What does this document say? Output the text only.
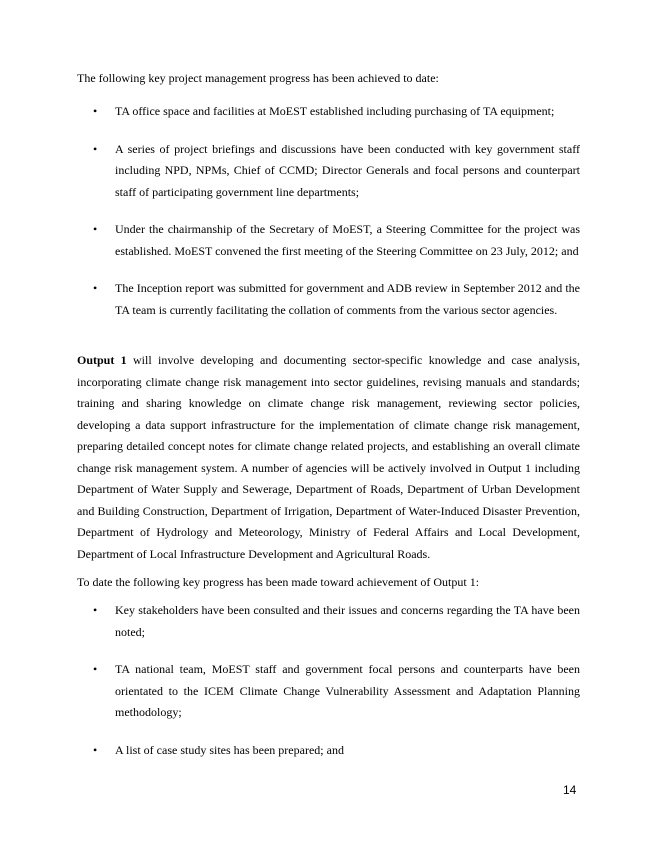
The following key project management progress has been achieved to date:

• TA office space and facilities at MoEST established including purchasing of TA equipment;
• A series of project briefings and discussions have been conducted with key government staff including NPD, NPMs, Chief of CCMD; Director Generals and focal persons and counterpart staff of participating government line departments;
• Under the chairmanship of the Secretary of MoEST, a Steering Committee for the project was established. MoEST convened the first meeting of the Steering Committee on 23 July, 2012; and
• The Inception report was submitted for government and ADB review in September 2012 and the TA team is currently facilitating the collation of comments from the various sector agencies.

Output 1 will involve developing and documenting sector-specific knowledge and case analysis, incorporating climate change risk management into sector guidelines, revising manuals and standards; training and sharing knowledge on climate change risk management, reviewing sector policies, developing a data support infrastructure for the implementation of climate change risk management, preparing detailed concept notes for climate change related projects, and establishing an overall climate change risk management system. A number of agencies will be actively involved in Output 1 including Department of Water Supply and Sewerage, Department of Roads, Department of Urban Development and Building Construction, Department of Irrigation, Department of Water-Induced Disaster Prevention, Department of Hydrology and Meteorology, Ministry of Federal Affairs and Local Development, Department of Local Infrastructure Development and Agricultural Roads.

To date the following key progress has been made toward achievement of Output 1:

• Key stakeholders have been consulted and their issues and concerns regarding the TA have been noted;
• TA national team, MoEST staff and government focal persons and counterparts have been orientated to the ICEM Climate Change Vulnerability Assessment and Adaptation Planning methodology;
• A list of case study sites has been prepared; and
14
